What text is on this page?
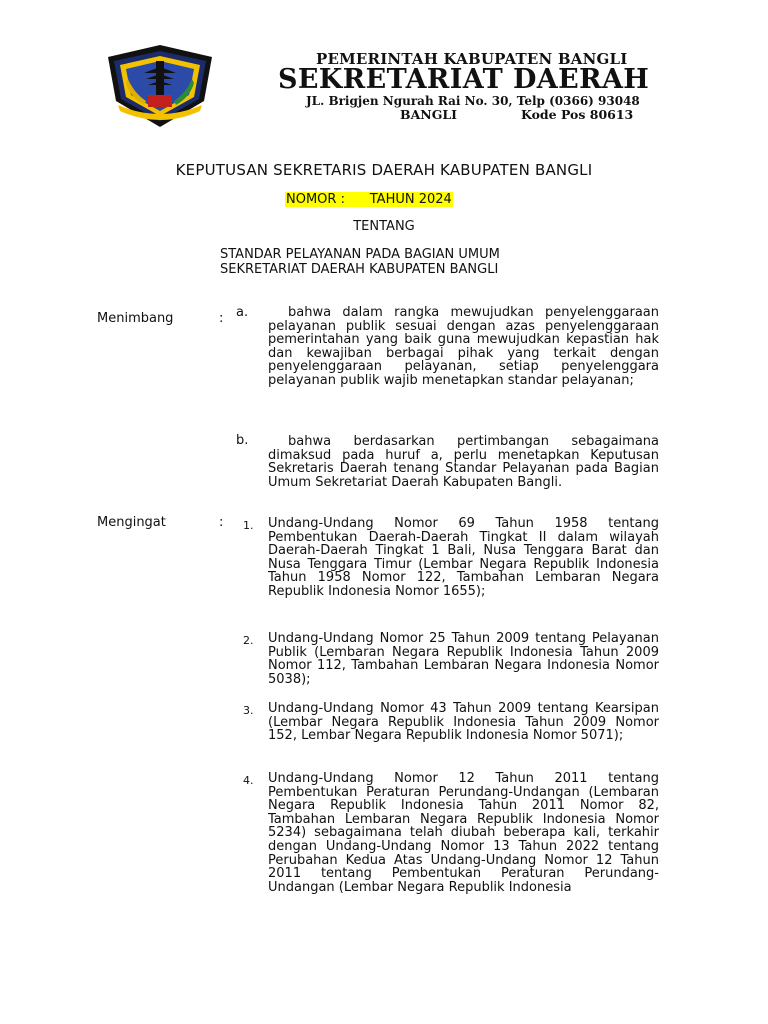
PEMERINTAH KABUPATEN BANGLI
SEKRETARIAT DAERAH
JL. Brigjen Ngurah Rai No. 30, Telp (0366) 93048
BANGLI	Kode Pos 80613
KEPUTUSAN SEKRETARIS DAERAH KABUPATEN BANGLI
NOMOR :      TAHUN 2024
TENTANG
STANDAR PELAYANAN PADA BAGIAN UMUM
SEKRETARIAT DAERAH KABUPATEN BANGLI
Menimbang	: a.	bahwa dalam rangka mewujudkan penyelenggaraan pelayanan publik sesuai dengan azas penyelenggaraan pemerintahan yang baik guna mewujudkan kepastian hak dan kewajiban berbagai pihak yang terkait dengan penyelenggaraan pelayanan, setiap penyelenggara pelayanan publik wajib menetapkan standar pelayanan;

b.	bahwa berdasarkan pertimbangan sebagaimana dimaksud pada huruf a, perlu menetapkan Keputusan Sekretaris Daerah tenang Standar Pelayanan pada Bagian Umum Sekretariat Daerah Kabupaten Bangli.

Mengingat	: 1. Undang-Undang Nomor 69 Tahun 1958 tentang Pembentukan Daerah-Daerah Tingkat II dalam wilayah Daerah-Daerah Tingkat 1 Bali, Nusa Tenggara Barat dan Nusa Tenggara Timur (Lembar Negara Republik Indonesia Tahun 1958 Nomor 122, Tambahan Lembaran Negara Republik Indonesia Nomor 1655);

2. Undang-Undang Nomor 25 Tahun 2009 tentang Pelayanan Publik (Lembaran Negara Republik Indonesia Tahun 2009 Nomor 112, Tambahan Lembaran Negara Indonesia Nomor 5038);

3. Undang-Undang Nomor 43 Tahun 2009 tentang Kearsipan (Lembar Negara Republik Indonesia Tahun 2009 Nomor 152, Lembar Negara Republik Indonesia Nomor 5071);

4. Undang-Undang Nomor 12 Tahun 2011 tentang Pembentukan Peraturan Perundang-Undangan (Lembaran Negara Republik Indonesia Tahun 2011 Nomor 82, Tambahan Lembaran Negara Republik Indonesia Nomor 5234) sebagaimana telah diubah beberapa kali, terkahir dengan Undang-Undang Nomor 13 Tahun 2022 tentang Perubahan Kedua Atas Undang-Undang Nomor 12 Tahun 2011 tentang Pembentukan Peraturan Perundang-Undangan (Lembar Negara Republik Indonesia
